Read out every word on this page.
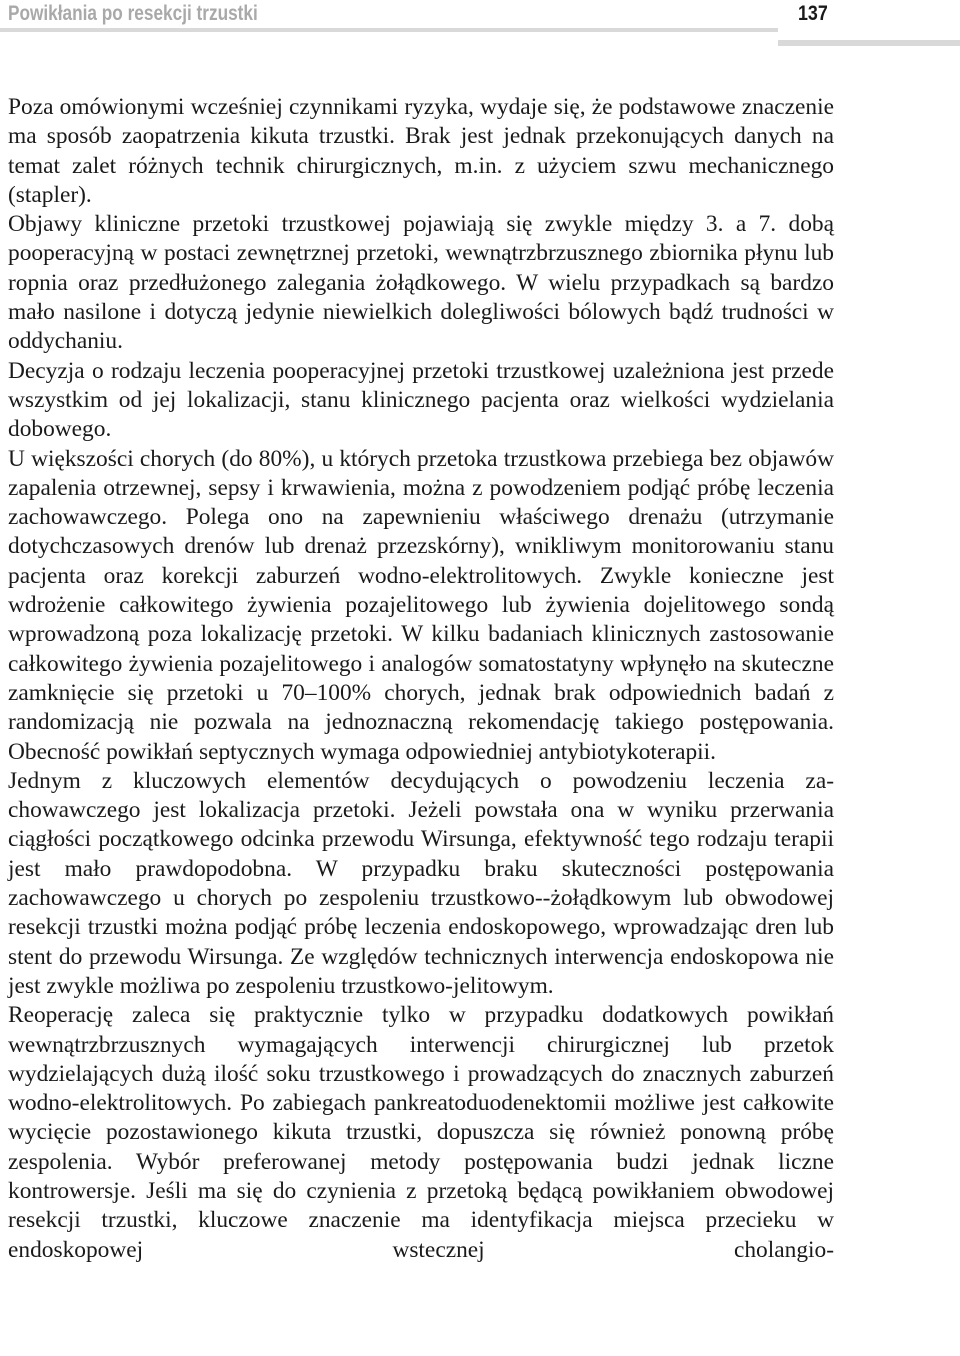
Powikłania po resekcji trzustki	137

Poza omówionymi wcześniej czynnikami ryzyka, wydaje się, że podstawowe znaczenie ma sposób zaopatrzenia kikuta trzustki. Brak jest jednak przekonujących danych na temat zalet różnych technik chirurgicznych, m.in. z użyciem szwu mechanicznego (stapler).

Objawy kliniczne przetoki trzustkowej pojawiają się zwykle między 3. a 7. dobą pooperacyjną w postaci zewnętrznej przetoki, wewnątrzbrzusznego zbiornika płynu lub ropnia oraz przedłużonego zalegania żołądkowego. W wielu przypadkach są bardzo mało nasilone i dotyczą jedynie niewielkich dolegliwości bólowych bądź trudności w oddychaniu.

Decyzja o rodzaju leczenia pooperacyjnej przetoki trzustkowej uzależniona jest przede wszystkim od jej lokalizacji, stanu klinicznego pacjenta oraz wielkości wydzielania dobowego.

U większości chorych (do 80%), u których przetoka trzustkowa przebiega bez objawów zapalenia otrzewnej, sepsy i krwawienia, można z powodzeniem podjąć próbę leczenia zachowawczego. Polega ono na zapewnieniu właściwego drenażu (utrzymanie dotychczasowych drenów lub drenaż przezskórny), wnikliwym monitorowaniu stanu pacjenta oraz korekcji zaburzeń wodno-elektrolitowych. Zwykle konieczne jest wdrożenie całkowitego żywienia pozajelitowego lub żywienia dojelitowego sondą wprowadzoną poza lokalizację przetoki. W kilku badaniach klinicznych zastosowanie całkowitego żywienia pozajelitowego i analogów somatostatyny wpłynęło na skuteczne zamknięcie się przetoki u 70–100% chorych, jednak brak odpowiednich badań z randomizacją nie pozwala na jednoznaczną rekomendację takiego postępowania. Obecność powikłań septycznych wymaga odpowiedniej antybiotykoterapii.

Jednym z kluczowych elementów decydujących o powodzeniu leczenia zachowawczego jest lokalizacja przetoki. Jeżeli powstała ona w wyniku przerwania ciągłości początkowego odcinka przewodu Wirsunga, efektywność tego rodzaju terapii jest mało prawdopodobna. W przypadku braku skuteczności postępowania zachowawczego u chorych po zespoleniu trzustkowo-⁠-żołądkowym lub obwodowej resekcji trzustki można podjąć próbę leczenia endoskopowego, wprowadzając dren lub stent do przewodu Wirsunga. Ze względów technicznych interwencja endoskopowa nie jest zwykle możliwa po zespoleniu trzustkowo-jelitowym.

Reoperację zaleca się praktycznie tylko w przypadku dodatkowych powikłań wewnątrzbrzusznych wymagających interwencji chirurgicznej lub przetok wydzielających dużą ilość soku trzustkowego i prowadzących do znacznych zaburzeń wodno-elektrolitowych. Po zabiegach pankreatoduodenektomii możliwe jest całkowite wycięcie pozostawionego kikuta trzustki, dopuszcza się również ponowną próbę zespolenia. Wybór preferowanej metody postępowania budzi jednak liczne kontrowersje. Jeśli ma się do czynienia z przetoką będącą powikłaniem obwodowej resekcji trzustki, kluczowe znaczenie ma identyfikacja miejsca przecieku w endoskopowej wstecznej cholangio-
